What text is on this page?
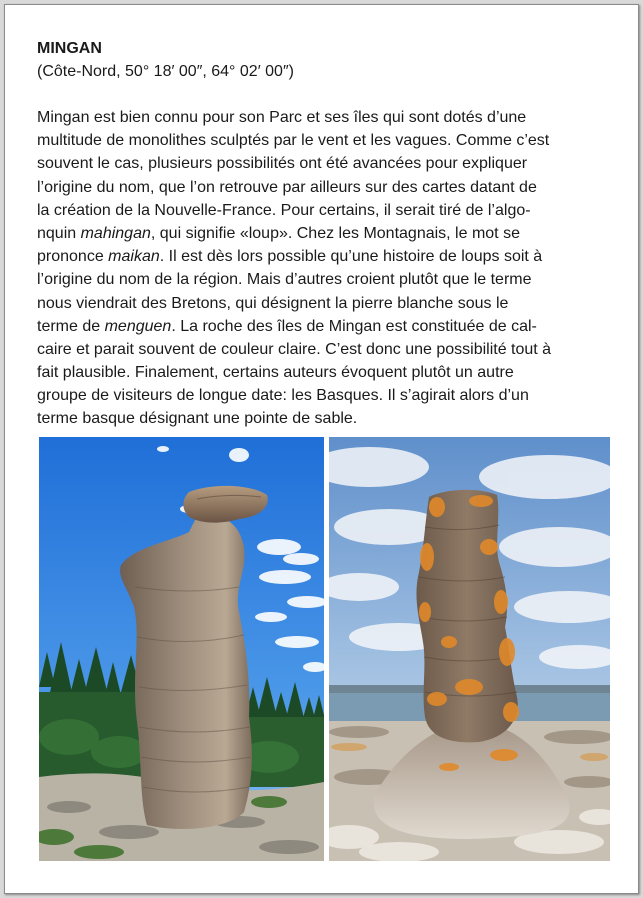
MINGAN
(Côte-Nord, 50° 18′ 00″, 64° 02′ 00″)
Mingan est bien connu pour son Parc et ses îles qui sont dotés d’une
multitude de monolithes sculptés par le vent et les vagues. Comme c’est
souvent le cas, plusieurs possibilités ont été avancées pour expliquer
l’origine du nom, que l’on retrouve par ailleurs sur des cartes datant de
la création de la Nouvelle-France. Pour certains, il serait tiré de l’algo-
nquin mahingan, qui signifie «loup». Chez les Montagnais, le mot se
prononce maikan. Il est dès lors possible qu’une histoire de loups soit à
l’origine du nom de la région. Mais d’autres croient plutôt que le terme
nous viendrait des Bretons, qui désignent la pierre blanche sous le
terme de menguen. La roche des îles de Mingan est constituée de cal-
caire et parait souvent de couleur claire. C’est donc une possibilité tout à
fait plausible. Finalement, certains auteurs évoquent plutôt un autre
groupe de visiteurs de longue date: les Basques. Il s’agirait alors d’un
terme basque désignant une pointe de sable.
